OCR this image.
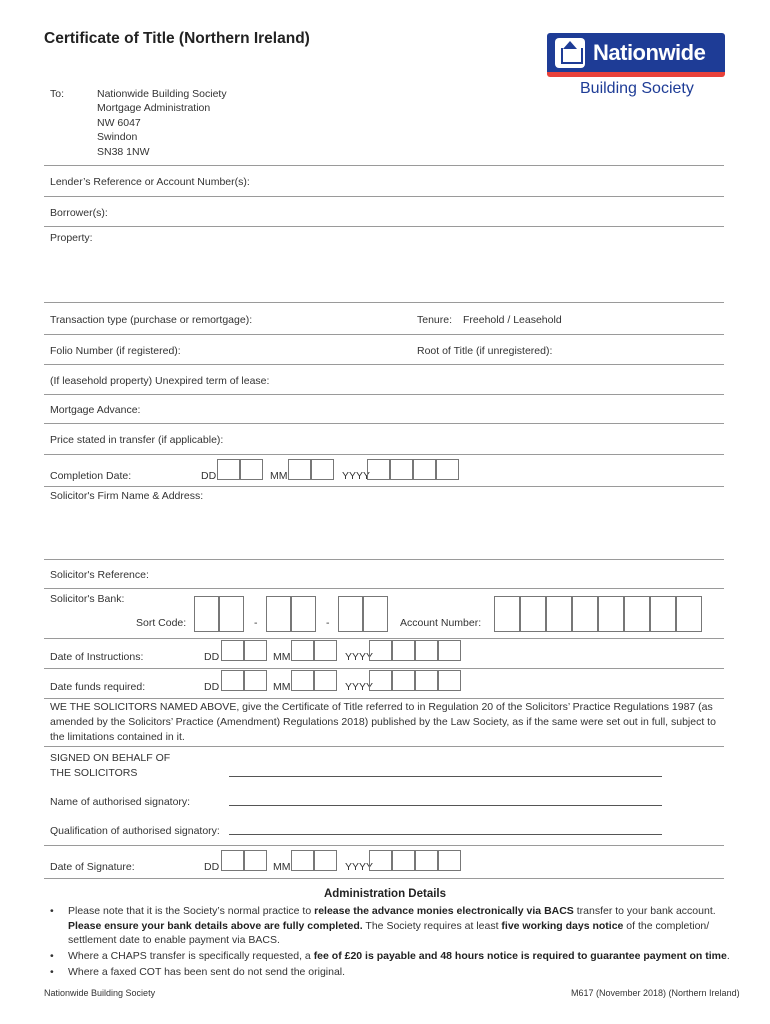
Certificate of Title (Northern Ireland)
Nationwide
Building Society
To:	Nationwide Building Society
Mortgage Administration
NW 6047
Swindon
SN38 1NW
Lender’s Reference or Account Number(s):
Borrower(s):
Property:
Transaction type (purchase or remortgage):	Tenure: Freehold / Leasehold
Folio Number (if registered):	Root of Title (if unregistered):
(If leasehold property) Unexpired term of lease:
Mortgage Advance:
Price stated in transfer (if applicable):
Completion Date:	DD	MM	YYYY
Solicitor's Firm Name & Address:
Solicitor's Reference:
Solicitor's Bank:
Sort Code:	-	-	Account Number:
Date of Instructions:	DD	MM	YYYY
Date funds required:	DD	MM	YYYY
WE THE SOLICITORS NAMED ABOVE, give the Certificate of Title referred to in Regulation 20 of the Solicitors’ Practice Regulations 1987 (as amended by the Solicitors’ Practice (Amendment) Regulations 2018) published by the Law Society, as if the same were set out in full, subject to the limitations contained in it.
SIGNED ON BEHALF OF
THE SOLICITORS
Name of authorised signatory:
Qualification of authorised signatory:
Date of Signature:	DD	MM	YYYY
Administration Details
• Please note that it is the Society’s normal practice to release the advance monies electronically via BACS transfer to your bank account. Please ensure your bank details above are fully completed. The Society requires at least five working days notice of the completion/ settlement date to enable payment via BACS.
• Where a CHAPS transfer is specifically requested, a fee of £20 is payable and 48 hours notice is required to guarantee payment on time.
• Where a faxed COT has been sent do not send the original.
Nationwide Building Society	M617 (November 2018) (Northern Ireland)
